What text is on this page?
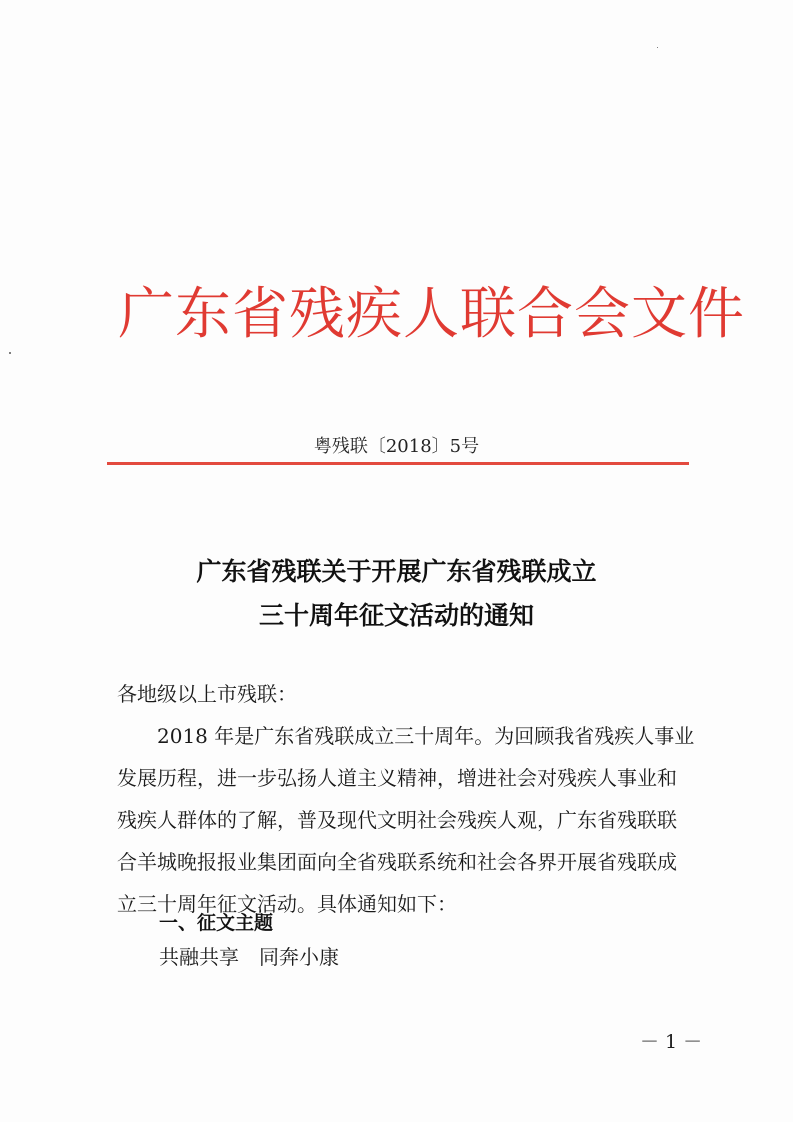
广东省残疾人联合会文件
粤残联〔2018〕5号
广东省残联关于开展广东省残联成立
三十周年征文活动的通知
各地级以上市残联：
　　2018 年是广东省残联成立三十周年。为回顾我省残疾人事业
发展历程，进一步弘扬人道主义精神，增进社会对残疾人事业和
残疾人群体的了解，普及现代文明社会残疾人观，广东省残联联
合羊城晚报报业集团面向全省残联系统和社会各界开展省残联成
立三十周年征文活动。具体通知如下：
一、征文主题
共融共享　同奔小康
－ 1 －
